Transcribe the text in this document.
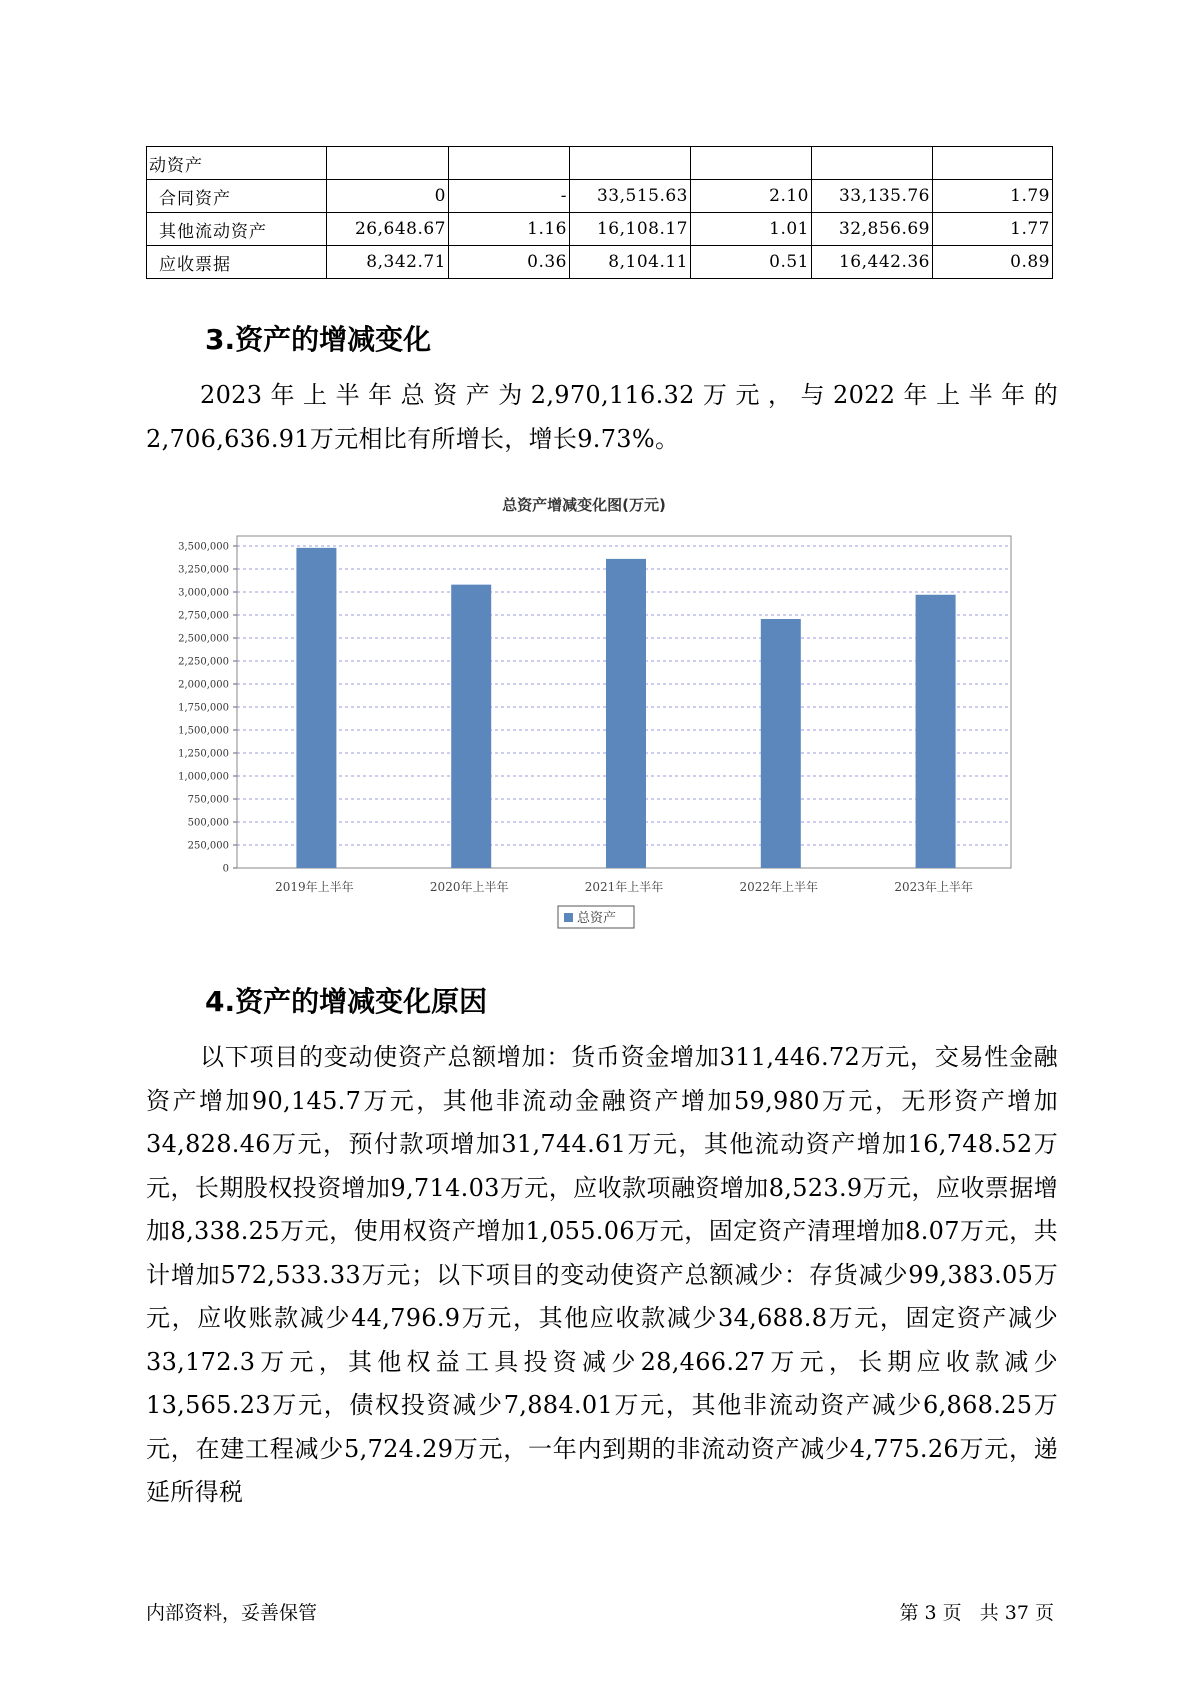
动资产						
合同资产	0	-	33,515.63	2.10	33,135.76	1.79
其他流动资产	26,648.67	1.16	16,108.17	1.01	32,856.69	1.77
应收票据	8,342.71	0.36	8,104.11	0.51	16,442.36	0.89
3.资产的增减变化

2023年上半年总资产为2,970,116.32万元，与2022年上半年的2,706,636.91万元相比有所增长，增长9.73%。

总资产增减变化图(万元)
0
250,000
500,000
750,000
1,000,000
1,250,000
1,500,000
1,750,000
2,000,000
2,250,000
2,500,000
2,750,000
3,000,000
3,250,000
3,500,000
2019年上半年	2020年上半年	2021年上半年	2022年上半年	2023年上半年
总资产
4.资产的增减变化原因

以下项目的变动使资产总额增加：货币资金增加311,446.72万元，交易性金融资产增加90,145.7万元，其他非流动金融资产增加59,980万元，无形资产增加34,828.46万元，预付款项增加31,744.61万元，其他流动资产增加16,748.52万元，长期股权投资增加9,714.03万元，应收款项融资增加8,523.9万元，应收票据增加8,338.25万元，使用权资产增加1,055.06万元，固定资产清理增加8.07万元，共计增加572,533.33万元；以下项目的变动使资产总额减少：存货减少99,383.05万元，应收账款减少44,796.9万元，其他应收款减少34,688.8万元，固定资产减少33,172.3万元，其他权益工具投资减少28,466.27万元，长期应收款减少13,565.23万元，债权投资减少7,884.01万元，其他非流动资产减少6,868.25万元，在建工程减少5,724.29万元，一年内到期的非流动资产减少4,775.26万元，递延所得税

内部资料，妥善保管	第 3 页   共 37 页
